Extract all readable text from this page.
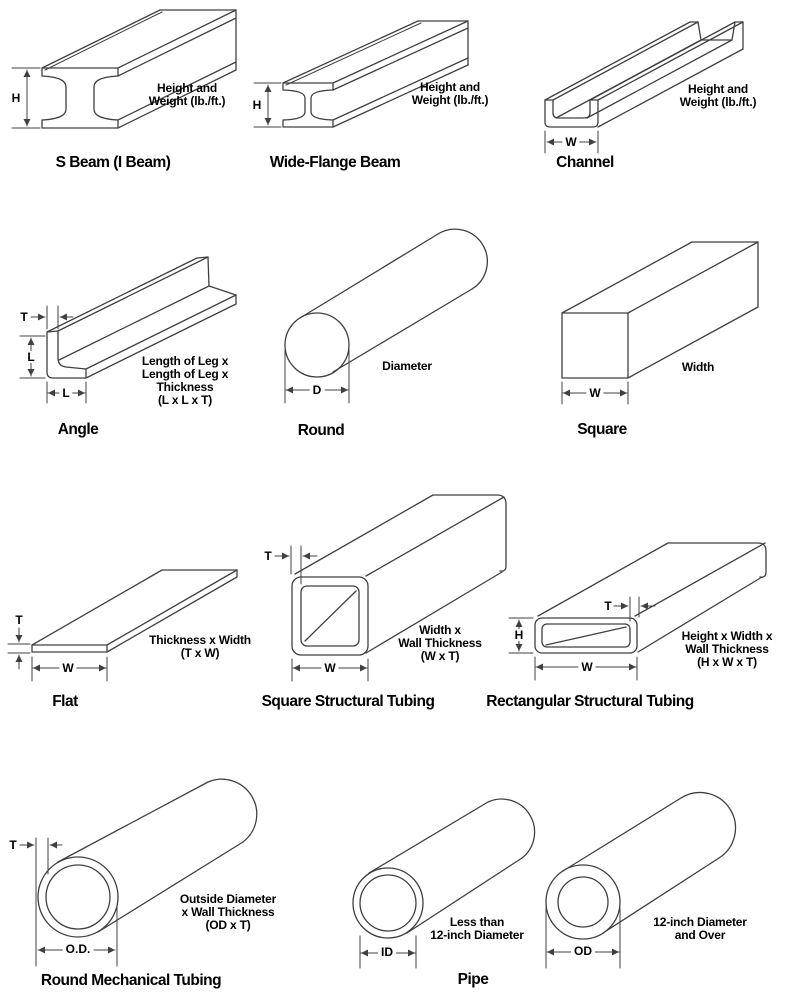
H
Height and
Weight (lb./ft.)
S Beam (I Beam)
H
Height and
Weight (lb./ft.)
Wide-Flange Beam
W
Height and
Weight (lb./ft.)
Channel
T
L
L
Length of Leg x
Length of Leg x
Thickness
(L x L x T)
Angle
D
Diameter
Round
W
Width
Square
T
W
Thickness x Width
(T x W)
Flat
T
W
Width x
Wall Thickness
(W x T)
Square Structural Tubing
T
H
W
Height x Width x
Wall Thickness
(H x W x T)
Rectangular Structural Tubing
T
O.D.
Outside Diameter
x Wall Thickness
(OD x T)
Round Mechanical Tubing
ID
Less than
12-inch Diameter
Pipe
OD
12-inch Diameter
and Over
